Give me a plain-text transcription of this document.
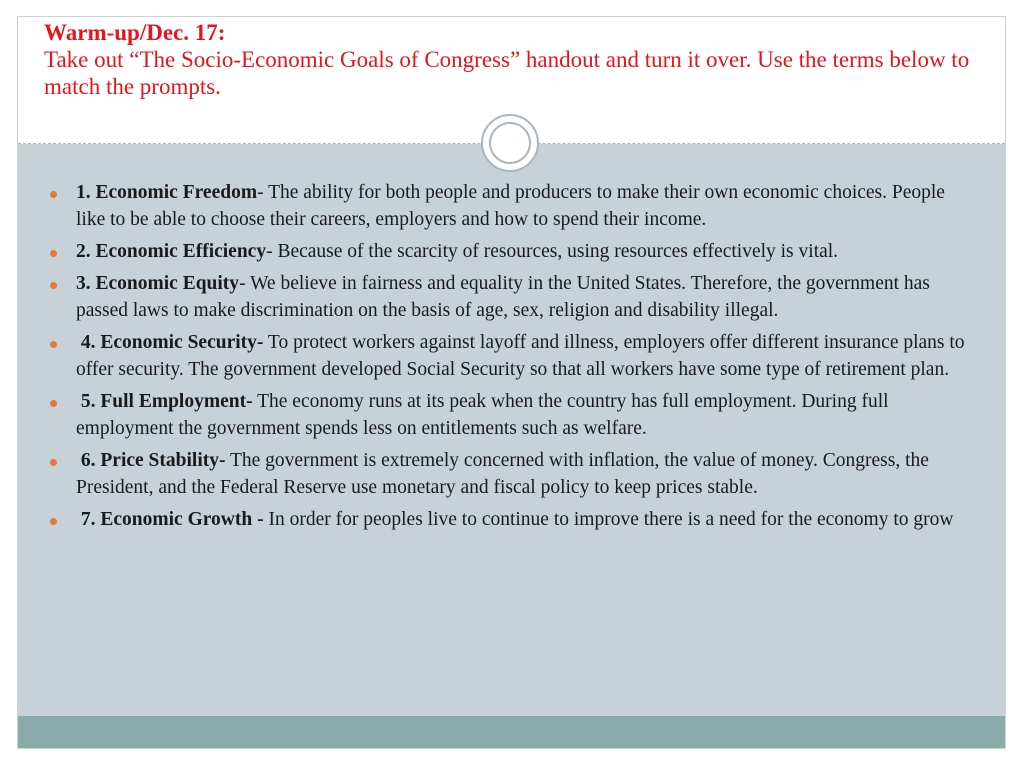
Warm-up/Dec. 17:
Take out “The Socio-Economic Goals of Congress” handout and turn it over. Use the terms below to match the prompts.
1. Economic Freedom- The ability for both people and producers to make their own economic choices. People like to be able to choose their careers, employers and how to spend their income.
2. Economic Efficiency- Because of the scarcity of resources, using resources effectively is vital.
3. Economic Equity- We believe in fairness and equality in the United States. Therefore, the government has passed laws to make discrimination on the basis of age, sex, religion and disability illegal.
4. Economic Security- To protect workers against layoff and illness, employers offer different insurance plans to offer security. The government developed Social Security so that all workers have some type of retirement plan.
5. Full Employment- The economy runs at its peak when the country has full employment. During full employment the government spends less on entitlements such as welfare.
6. Price Stability- The government is extremely concerned with inflation, the value of money. Congress, the President, and the Federal Reserve use monetary and fiscal policy to keep prices stable.
7. Economic Growth - In order for peoples live to continue to improve there is a need for the economy to grow
